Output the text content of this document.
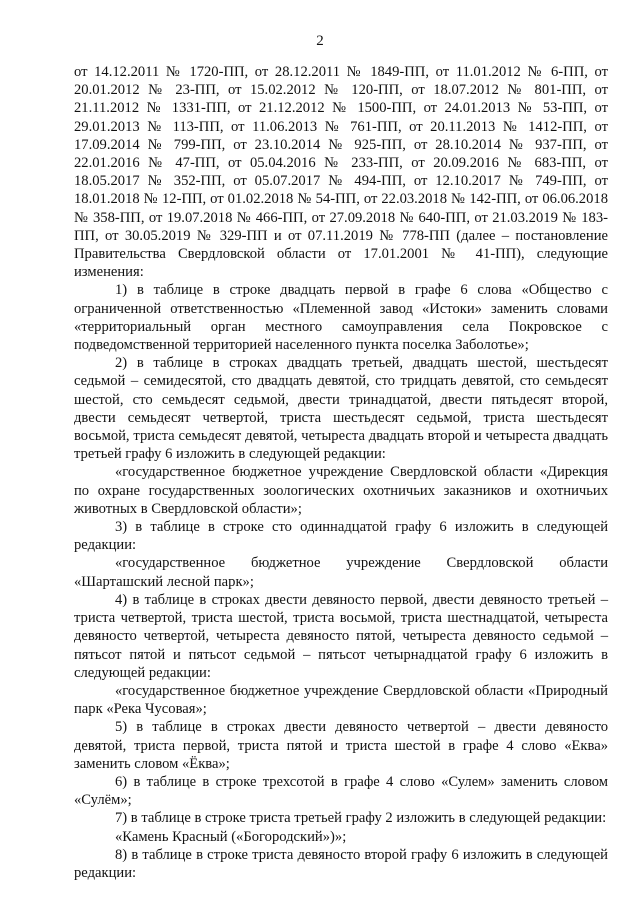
2

от 14.12.2011 № 1720-ПП, от 28.12.2011 № 1849-ПП, от 11.01.2012 № 6-ПП, от 20.01.2012 № 23-ПП, от 15.02.2012 № 120-ПП, от 18.07.2012 № 801-ПП, от 21.11.2012 № 1331-ПП, от 21.12.2012 № 1500-ПП, от 24.01.2013 № 53-ПП, от 29.01.2013 № 113-ПП, от 11.06.2013 № 761-ПП, от 20.11.2013 № 1412-ПП, от 17.09.2014 № 799-ПП, от 23.10.2014 № 925-ПП, от 28.10.2014 № 937-ПП, от 22.01.2016 № 47-ПП, от 05.04.2016 № 233-ПП, от 20.09.2016 № 683-ПП, от 18.05.2017 № 352-ПП, от 05.07.2017 № 494-ПП, от 12.10.2017 № 749-ПП, от 18.01.2018 № 12-ПП, от 01.02.2018 № 54-ПП, от 22.03.2018 № 142-ПП, от 06.06.2018 № 358-ПП, от 19.07.2018 № 466-ПП, от 27.09.2018 № 640-ПП, от 21.03.2019 № 183-ПП, от 30.05.2019 № 329-ПП и от 07.11.2019 № 778-ПП (далее – постановление Правительства Свердловской области от 17.01.2001 № 41-ПП), следующие изменения:

1) в таблице в строке двадцать первой в графе 6 слова «Общество с ограниченной ответственностью «Племенной завод «Истоки» заменить словами «территориальный орган местного самоуправления села Покровское с подведомственной территорией населенного пункта поселка Заболотье»;

2) в таблице в строках двадцать третьей, двадцать шестой, шестьдесят седьмой – семидесятой, сто двадцать девятой, сто тридцать девятой, сто семьдесят шестой, сто семьдесят седьмой, двести тринадцатой, двести пятьдесят второй, двести семьдесят четвертой, триста шестьдесят седьмой, триста шестьдесят восьмой, триста семьдесят девятой, четыреста двадцать второй и четыреста двадцать третьей графу 6 изложить в следующей редакции:

«государственное бюджетное учреждение Свердловской области «Дирекция по охране государственных зоологических охотничьих заказников и охотничьих животных в Свердловской области»;

3) в таблице в строке сто одиннадцатой графу 6 изложить в следующей редакции:

«государственное бюджетное учреждение Свердловской области «Шарташский лесной парк»;

4) в таблице в строках двести девяносто первой, двести девяносто третьей – триста четвертой, триста шестой, триста восьмой, триста шестнадцатой, четыреста девяносто четвертой, четыреста девяносто пятой, четыреста девяносто седьмой – пятьсот пятой и пятьсот седьмой – пятьсот четырнадцатой графу 6 изложить в следующей редакции:

«государственное бюджетное учреждение Свердловской области «Природный парк «Река Чусовая»;

5) в таблице в строках двести девяносто четвертой – двести девяносто девятой, триста первой, триста пятой и триста шестой в графе 4 слово «Еква» заменить словом «Ёква»;

6) в таблице в строке трехсотой в графе 4 слово «Сулем» заменить словом «Сулём»;

7) в таблице в строке триста третьей графу 2 изложить в следующей редакции:

«Камень Красный («Богородский»)»;

8) в таблице в строке триста девяносто второй графу 6 изложить в следующей редакции:
